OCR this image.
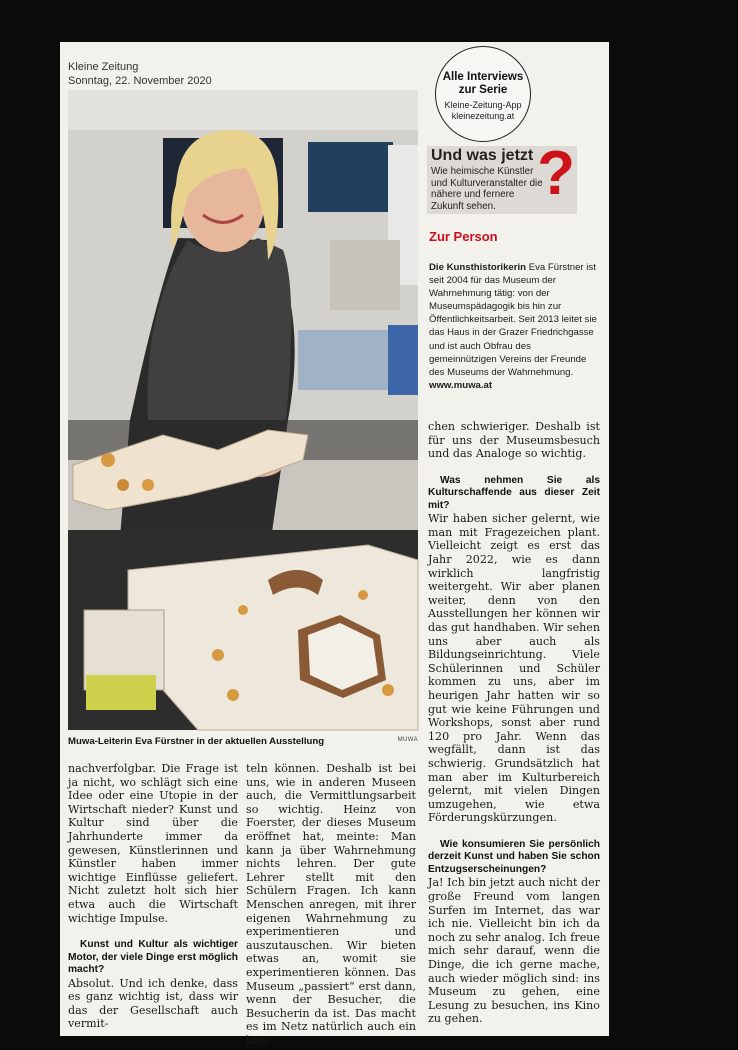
Kleine Zeitung
Sonntag, 22. November 2020	Alle Interviews zur Serie
Kleine-Zeitung-App
kleinezeitung.at
Und was jetzt
Wie heimische Künstler und Kulturveranstalter die nähere und fernere Zukunft sehen. ?
Zur Person
Die Kunsthistorikerin Eva Fürstner ist seit 2004 für das Museum der Wahrnehmung tätig: von der Museumspädagogik bis hin zur Öffentlichkeitsarbeit. Seit 2013 leitet sie das Haus in der Grazer Friedrichgasse und ist auch Obfrau des gemeinnützigen Vereins der Freunde des Museums der Wahrnehmung.
www.muwa.at
Muwa-Leiterin Eva Fürstner in der aktuellen Ausstellung	MUWA

nachverfolgbar. Die Frage ist ja nicht, wo schlägt sich eine Idee oder eine Utopie in der Wirtschaft nieder? Kunst und Kultur sind über die Jahrhunderte immer da gewesen, Künstlerinnen und Künstler haben immer wichtige Einflüsse geliefert. Nicht zuletzt holt sich hier etwa auch die Wirtschaft wichtige Impulse.

Kunst und Kultur als wichtiger Motor, der viele Dinge erst möglich macht?

Absolut. Und ich denke, dass es ganz wichtig ist, dass wir das der Gesellschaft auch vermit-

teln können. Deshalb ist bei uns, wie in anderen Museen auch, die Vermittlungsarbeit so wichtig. Heinz von Foerster, der dieses Museum eröffnet hat, meinte: Man kann ja über Wahrnehmung nichts lehren. Der gute Lehrer stellt mit den Schülern Fragen. Ich kann Menschen anregen, mit ihrer eigenen Wahrnehmung zu experimentieren und auszutauschen. Wir bieten etwas an, womit sie experimentieren können. Das Museum „passiert“ erst dann, wenn der Besucher, die Besucherin da ist. Das macht es im Netz natürlich auch ein biss-

chen schwieriger. Deshalb ist für uns der Museumsbesuch und das Analoge so wichtig.

Was nehmen Sie als Kulturschaffende aus dieser Zeit mit?

Wir haben sicher gelernt, wie man mit Fragezeichen plant. Vielleicht zeigt es erst das Jahr 2022, wie es dann wirklich langfristig weitergeht. Wir aber planen weiter, denn von den Ausstellungen her können wir das gut handhaben. Wir sehen uns aber auch als Bildungseinrichtung. Viele Schülerinnen und Schüler kommen zu uns, aber im heurigen Jahr hatten wir so gut wie keine Führungen und Workshops, sonst aber rund 120 pro Jahr. Wenn das wegfällt, dann ist das schwierig. Grundsätzlich hat man aber im Kulturbereich gelernt, mit vielen Dingen umzugehen, wie etwa Förderungskürzungen.

Wie konsumieren Sie persönlich derzeit Kunst und haben Sie schon Entzugserscheinungen?

Ja! Ich bin jetzt auch nicht der große Freund vom langen Surfen im Internet, das war ich nie. Vielleicht bin ich da noch zu sehr analog. Ich freue mich sehr darauf, wenn die Dinge, die ich gerne mache, auch wieder möglich sind: ins Museum zu gehen, eine Lesung zu besuchen, ins Kino zu gehen.
